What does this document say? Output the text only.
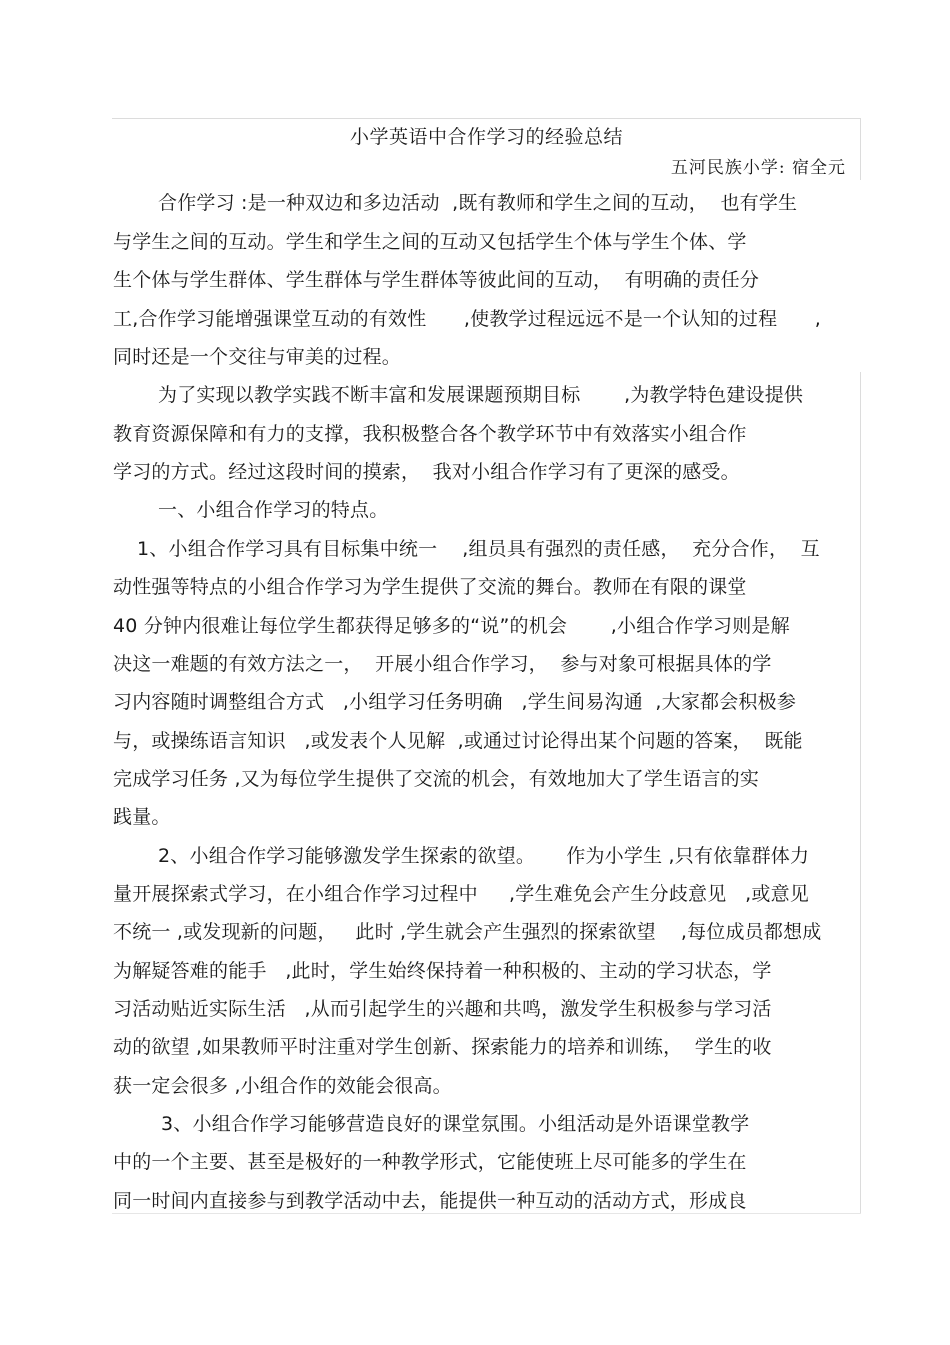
小学英语中合作学习的经验总结
五河民族小学: 宿全元
合作学习 :是一种双边和多边活动  ,既有教师和学生之间的互动，  也有学生
与学生之间的互动。学生和学生之间的互动又包括学生个体与学生个体、学
生个体与学生群体、学生群体与学生群体等彼此间的互动，  有明确的责任分
工,合作学习能增强课堂互动的有效性      ,使教学过程远远不是一个认知的过程      ,
同时还是一个交往与审美的过程。
为了实现以教学实践不断丰富和发展课题预期目标       ,为教学特色建设提供
教育资源保障和有力的支撑，我积极整合各个教学环节中有效落实小组合作
学习的方式。经过这段时间的摸索，  我对小组合作学习有了更深的感受。
一、小组合作学习的特点。
1、小组合作学习具有目标集中统一    ,组员具有强烈的责任感，  充分合作，  互
动性强等特点的小组合作学习为学生提供了交流的舞台。教师在有限的课堂
40 分钟内很难让每位学生都获得足够多的“说”的机会       ,小组合作学习则是解
决这一难题的有效方法之一，  开展小组合作学习，  参与对象可根据具体的学
习内容随时调整组合方式   ,小组学习任务明确   ,学生间易沟通  ,大家都会积极参
与，或操练语言知识   ,或发表个人见解  ,或通过讨论得出某个问题的答案，  既能
完成学习任务 ,又为每位学生提供了交流的机会，有效地加大了学生语言的实
践量。
2、小组合作学习能够激发学生探索的欲望。     作为小学生 ,只有依靠群体力
量开展探索式学习，在小组合作学习过程中     ,学生难免会产生分歧意见   ,或意见
不统一 ,或发现新的问题，   此时 ,学生就会产生强烈的探索欲望    ,每位成员都想成
为解疑答难的能手   ,此时，学生始终保持着一种积极的、主动的学习状态，学
习活动贴近实际生活   ,从而引起学生的兴趣和共鸣，激发学生积极参与学习活
动的欲望 ,如果教师平时注重对学生创新、探索能力的培养和训练，  学生的收
获一定会很多 ,小组合作的效能会很高。
3、小组合作学习能够营造良好的课堂氛围。小组活动是外语课堂教学
中的一个主要、甚至是极好的一种教学形式，它能使班上尽可能多的学生在
同一时间内直接参与到教学活动中去，能提供一种互动的活动方式，形成良
